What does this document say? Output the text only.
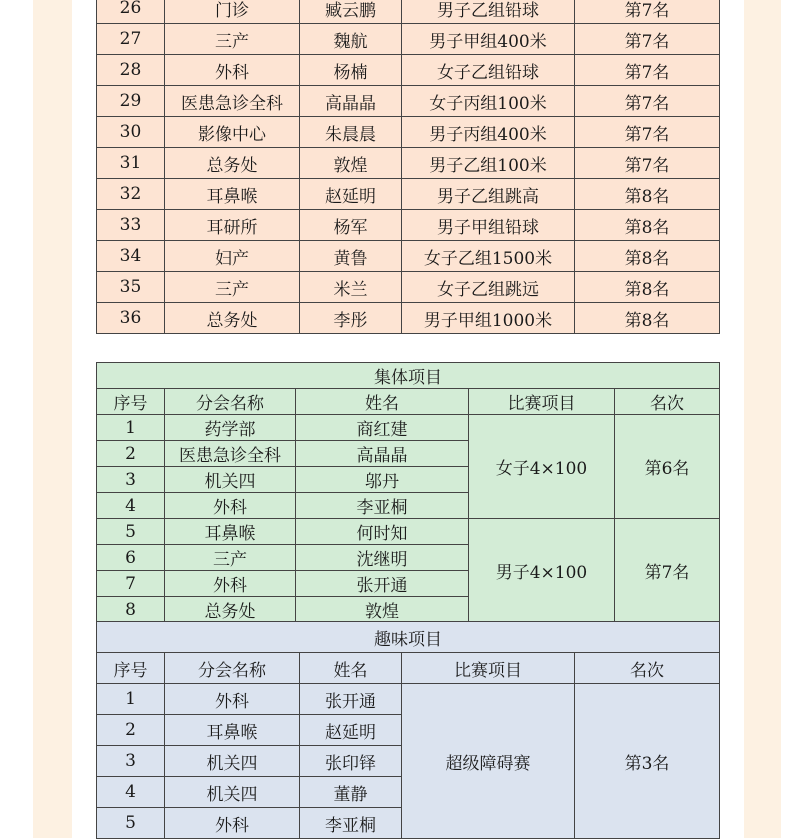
26	门诊	臧云鹏	男子乙组铅球	第7名
27	三产	魏航	男子甲组400米	第7名
28	外科	杨楠	女子乙组铅球	第7名
29	医患急诊全科	高晶晶	女子丙组100米	第7名
30	影像中心	朱晨晨	男子丙组400米	第7名
31	总务处	敦煌	男子乙组100米	第7名
32	耳鼻喉	赵延明	男子乙组跳高	第8名
33	耳研所	杨军	男子甲组铅球	第8名
34	妇产	黄鲁	女子乙组1500米	第8名
35	三产	米兰	女子乙组跳远	第8名
36	总务处	李彤	男子甲组1000米	第8名
集体项目				
序号	分会名称	姓名	比赛项目	名次
1	药学部	商红建	女子4×100	第6名
2	医患急诊全科	高晶晶		
3	机关四	邬丹		
4	外科	李亚桐		
5	耳鼻喉	何时知	男子4×100	第7名
6	三产	沈继明		
7	外科	张开通		
8	总务处	敦煌		
趣味项目				
序号	分会名称	姓名	比赛项目	名次
1	外科	张开通	超级障碍赛	第3名
2	耳鼻喉	赵延明		
3	机关四	张印铎		
4	机关四	董静		
5	外科	李亚桐		
